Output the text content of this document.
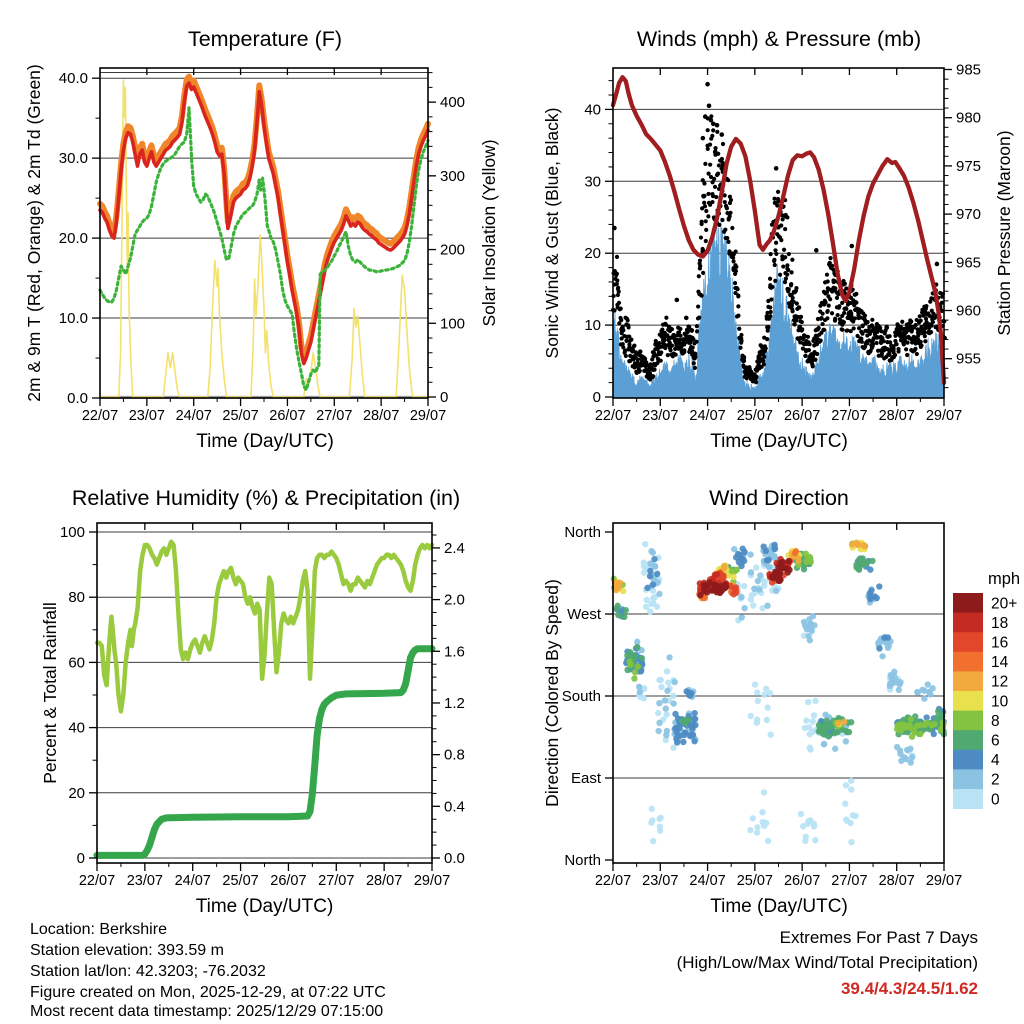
22/07 23/07 24/07 25/07 26/07 27/07 28/07 29/07
0.0
10.0
20.0
30.0
40.0
0
100
200
300
400
22/07 23/07 24/07 25/07 26/07 27/07 28/07 29/07
0
10
20
30
40
955
960
965
970
975
980
985
22/07 23/07 24/07 25/07 26/07 27/07 28/07 29/07
0
20
40
60
80
100
0.0
0.4
0.8
1.2
1.6
2.0
2.4
22/07 23/07 24/07 25/07 26/07 27/07 28/07 29/07
North
West
South
East
North
20+
18
16
14
12
10
8
6
4
2
0
Temperature (F)	Winds (mph) & Pressure (mb)
Relative Humidity (%) & Precipitation (in)	Wind Direction
Time (Day/UTC)	Time (Day/UTC)
Time (Day/UTC)	Time (Day/UTC)
2m & 9m T (Red, Orange) & 2m Td (Green)	Solar Insolation (Yellow) Sonic Wind & Gust (Blue, Black)	Station Pressure (Maroon)
Percent & Total Rainfall	Direction (Colored By Speed)
mph
Location: Berkshire
Station elevation: 393.59 m
Station lat/lon: 42.3203; -76.2032
Figure created on Mon, 2025-12-29, at 07:22 UTC
Most recent data timestamp: 2025/12/29 07:15:00
Extremes For Past 7 Days
(High/Low/Max Wind/Total Precipitation)
39.4/4.3/24.5/1.62
